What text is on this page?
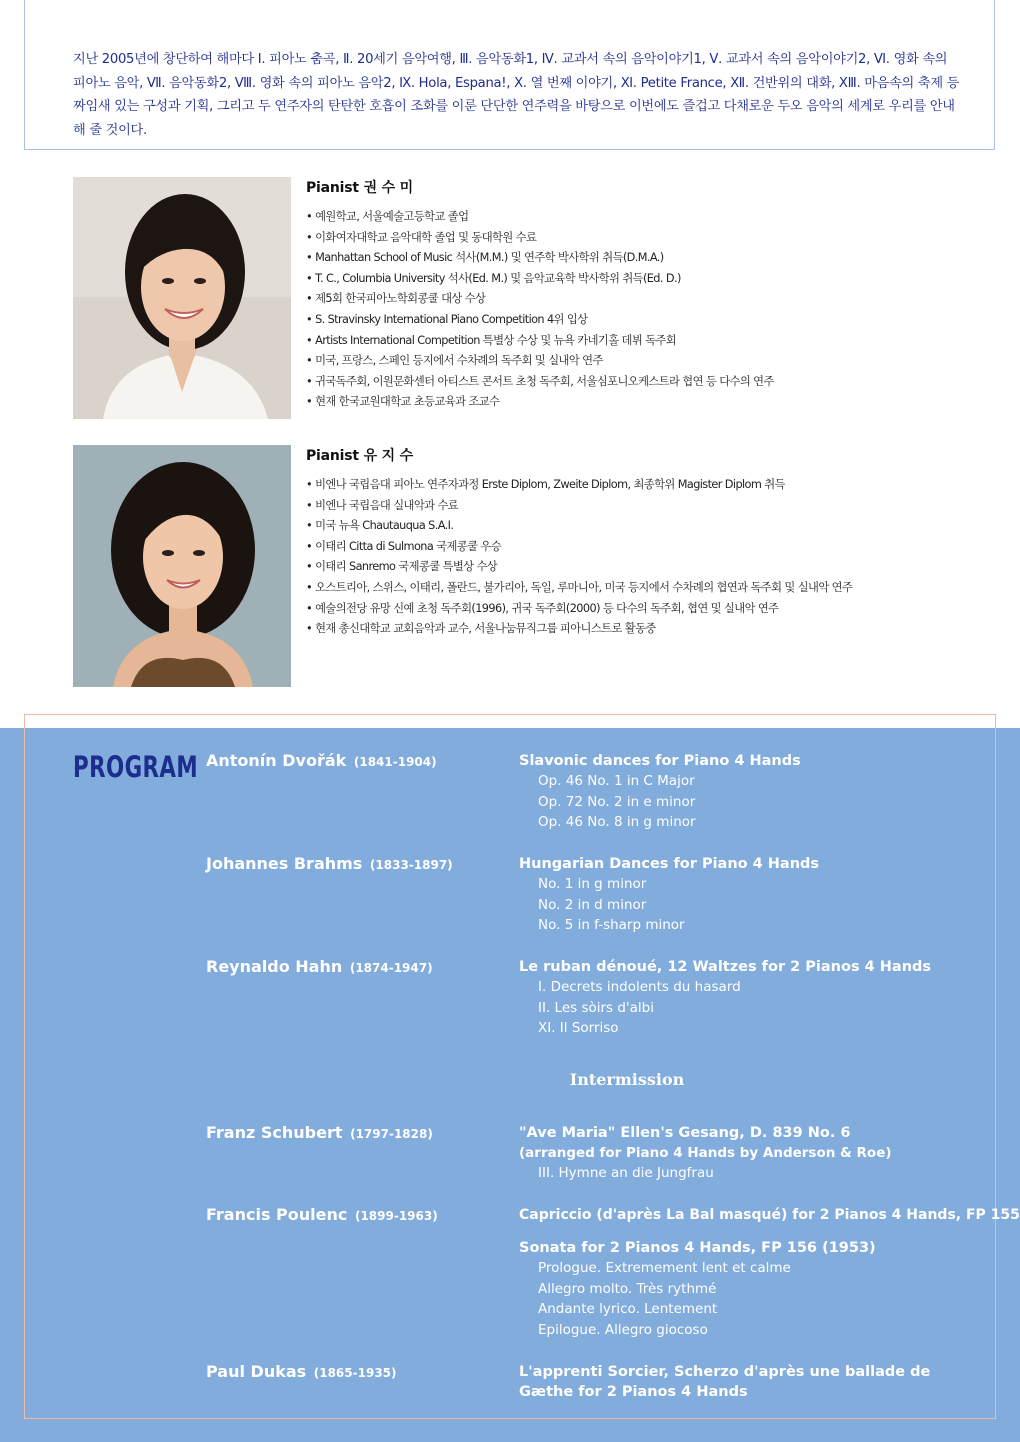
지난 2005년에 창단하여 해마다 Ⅰ. 피아노 춤곡, Ⅱ. 20세기 음악여행, Ⅲ. 음악동화1, Ⅳ. 교과서 속의 음악이야기1, Ⅴ. 교과서 속의 음악이야기2, Ⅵ. 영화 속의 피아노 음악, Ⅶ. 음악동화2, Ⅷ. 영화 속의 피아노 음악2, Ⅸ. Hola, Espana!, Ⅹ. 열 번째 이야기, Ⅺ. Petite France, Ⅻ. 건반위의 대화, ⅩⅢ. 마음속의 축제 등 짜임새 있는 구성과 기획, 그리고 두 연주자의 탄탄한 호흡이 조화를 이룬 단단한 연주력을 바탕으로 이번에도 즐겁고 다채로운 두오 음악의 세계로 우리를 안내해 줄 것이다.

Pianist 권 수 미
• 예원학교, 서울예술고등학교 졸업
• 이화여자대학교 음악대학 졸업 및 동대학원 수료
• Manhattan School of Music 석사(M.M.) 및 연주학 박사학위 취득(D.M.A.)
• T. C., Columbia University 석사(Ed. M.) 및 음악교육학 박사학위 취득(Ed. D.)
• 제5회 한국피아노학회콩쿨 대상 수상
• S. Stravinsky International Piano Competition 4위 입상
• Artists International Competition 특별상 수상 및 뉴욕 카네기홀 데뷔 독주회
• 미국, 프랑스, 스페인 등지에서 수차례의 독주회 및 실내악 연주
• 귀국독주회, 이원문화센터 아티스트 콘서트 초청 독주회, 서울심포니오케스트라 협연 등 다수의 연주
• 현재 한국교원대학교 초등교육과 조교수
Pianist 유 지 수
• 비엔나 국립음대 피아노 연주자과정 Erste Diplom, Zweite Diplom, 최종학위 Magister Diplom 취득
• 비엔나 국립음대 실내악과 수료
• 미국 뉴욕 Chautauqua S.A.I.
• 이태리 Citta di Sulmona 국제콩쿨 우승
• 이태리 Sanremo 국제콩쿨 특별상 수상
• 오스트리아, 스위스, 이태리, 폴란드, 불가리아, 독일, 루마니아, 미국 등지에서 수차례의 협연과 독주회 및 실내악 연주
• 예술의전당 유망 신예 초청 독주회(1996), 귀국 독주회(2000) 등 다수의 독주회, 협연 및 실내악 연주
• 현재 총신대학교 교회음악과 교수, 서울나눔뮤직그룹 피아니스트로 활동중
PROGRAM Antonín Dvořák (1841-1904)	Slavonic dances for Piano 4 Hands
Op. 46 No. 1 in C Major
Op. 72 No. 2 in e minor
Op. 46 No. 8 in g minor
Johannes Brahms (1833-1897)	Hungarian Dances for Piano 4 Hands
No. 1 in g minor
No. 2 in d minor
No. 5 in f-sharp minor
Reynaldo Hahn (1874-1947)	Le ruban dénoué, 12 Waltzes for 2 Pianos 4 Hands
I. Decrets indolents du hasard
II. Les sòirs d'albi
XI. Il Sorriso
Intermission
Franz Schubert (1797-1828)	"Ave Maria" Ellen's Gesang, D. 839 No. 6
(arranged for Piano 4 Hands by Anderson & Roe)
III. Hymne an die Jungfrau
Francis Poulenc (1899-1963)	Capriccio (d'après La Bal masqué) for 2 Pianos 4 Hands, FP 155
Sonata for 2 Pianos 4 Hands, FP 156 (1953)
Prologue. Extremement lent et calme
Allegro molto. Très rythmé
Andante lyrico. Lentement
Epilogue. Allegro giocoso
Paul Dukas (1865-1935)	L'apprenti Sorcier, Scherzo d'après une ballade de
Gæthe for 2 Pianos 4 Hands
